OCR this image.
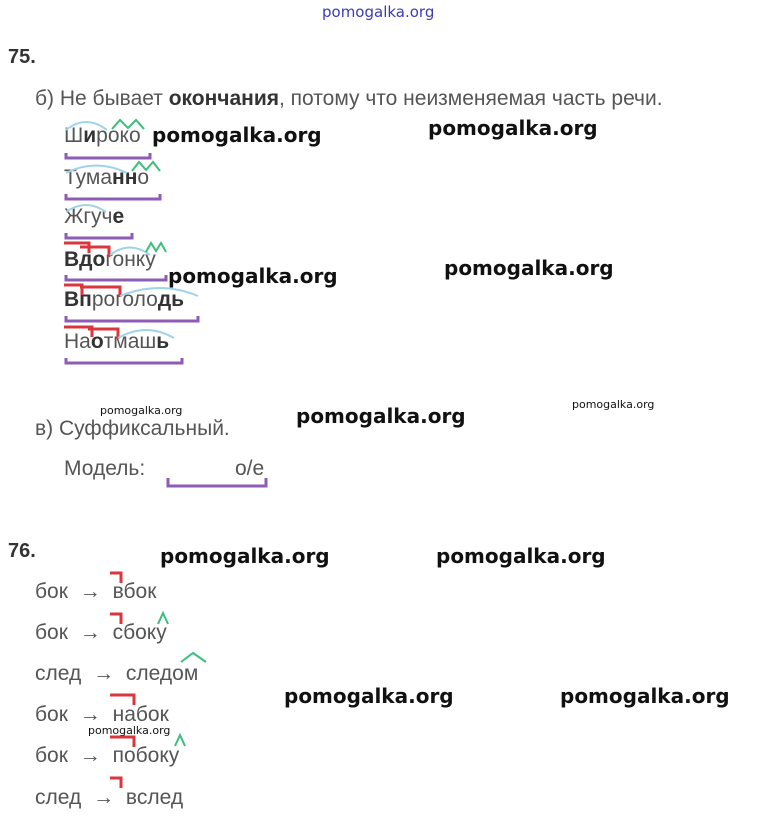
pomogalka.org
75.
б) Не бывает окончания, потому что неизменяемая часть речи.
Широко
Туманно
Жгуче
Вдогонку
Впроголодь
Наотмашь
в) Суффиксальный.
Модель:	о/е
76.
бок → вбок
бок → сбоку
след → следом
бок → набок
бок → побоку
след → вслед
pomogalka.org	pomogalka.org
pomogalka.org	pomogalka.org
pomogalka.org	pomogalka.org	pomogalka.org
pomogalka.org	pomogalka.org
pomogalka.org	pomogalka.org
pomogalka.org
